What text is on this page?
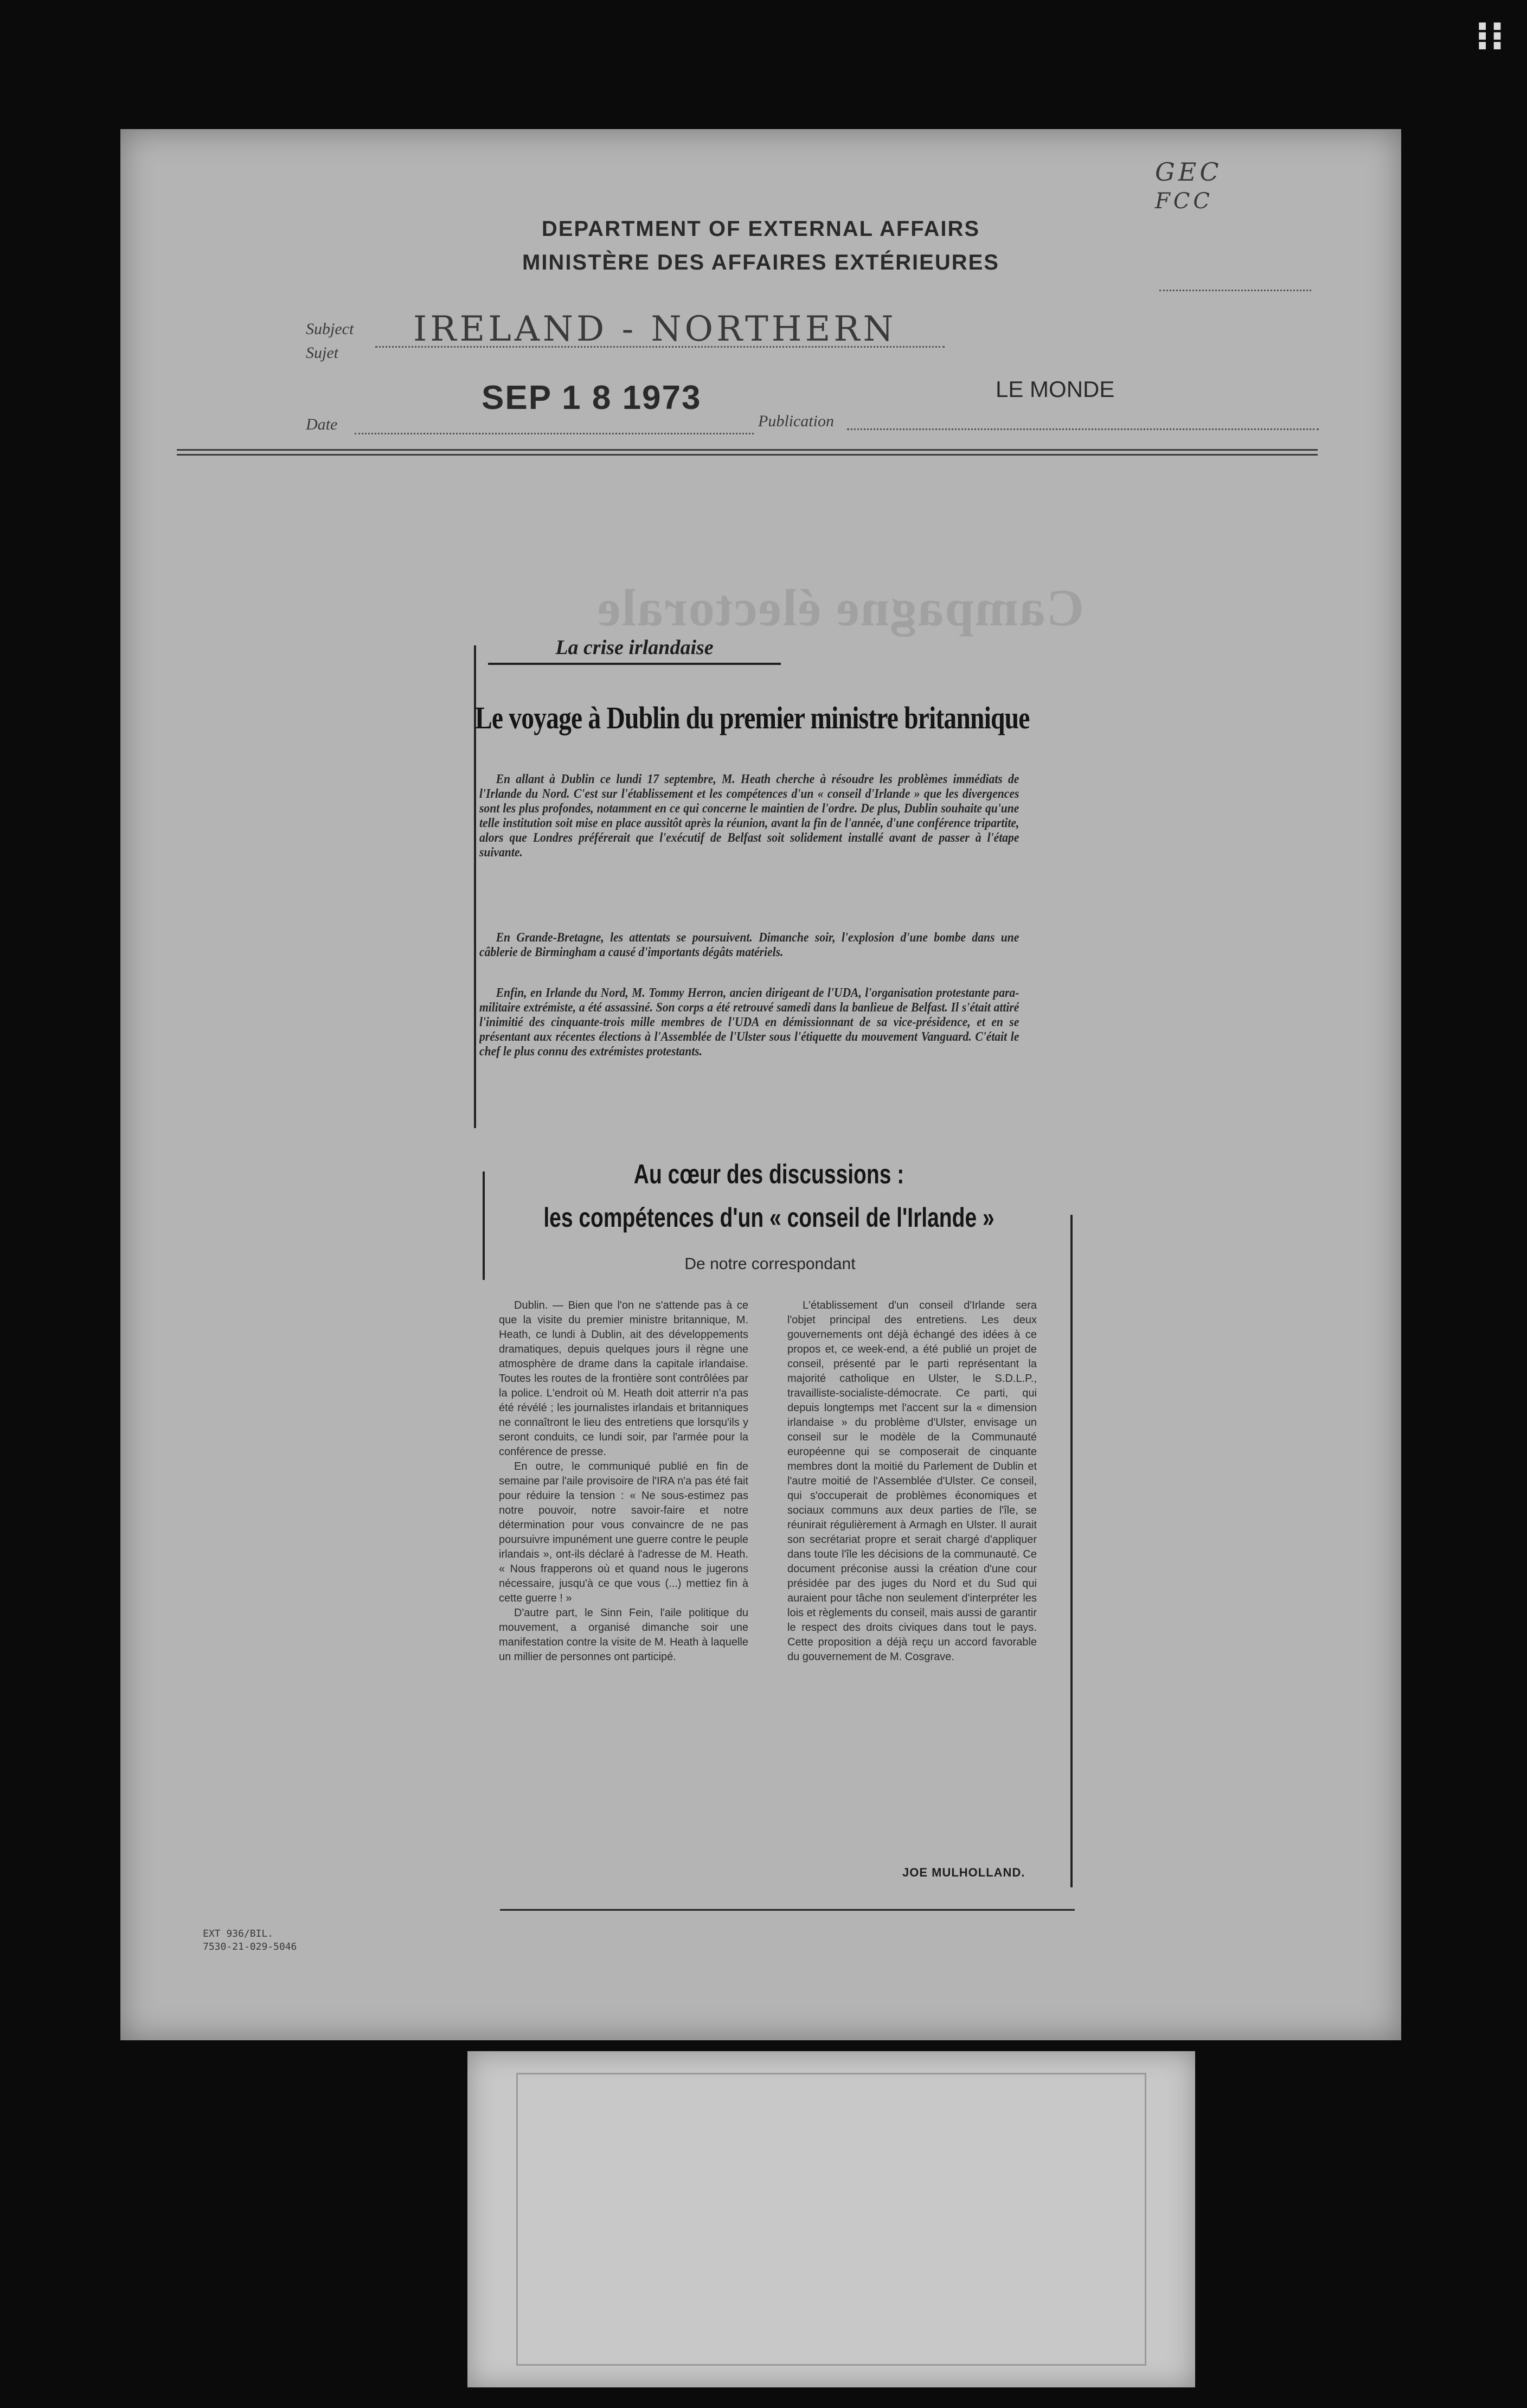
DEPARTMENT OF EXTERNAL AFFAIRS
MINISTÈRE DES AFFAIRES EXTÉRIEURES
GEC
FCC
Subject
Sujet
IRELAND - NORTHERN
Date
SEP 1 8 1973
Publication
LE MONDE
EXT 936/BIL.
7530-21-029-5046
Campagne électorale
La crise irlandaise
Le voyage à Dublin du premier ministre britannique
En allant à Dublin ce lundi 17 septembre, M. Heath cherche à résoudre les problèmes immédiats de l'Irlande du Nord. C'est sur l'établissement et les compétences d'un « conseil d'Irlande » que les divergences sont les plus profondes, notamment en ce qui concerne le maintien de l'ordre. De plus, Dublin souhaite qu'une telle institution soit mise en place aussitôt après la réunion, avant la fin de l'année, d'une conférence tripartite, alors que Londres préférerait que l'exécutif de Belfast soit solidement installé avant de passer à l'étape suivante.
En Grande-Bretagne, les attentats se poursuivent. Dimanche soir, l'explosion d'une bombe dans une câblerie de Birmingham a causé d'importants dégâts matériels.
Enfin, en Irlande du Nord, M. Tommy Herron, ancien dirigeant de l'UDA, l'organisation protestante para-militaire extrémiste, a été assassiné. Son corps a été retrouvé samedi dans la banlieue de Belfast. Il s'était attiré l'inimitié des cinquante-trois mille membres de l'UDA en démissionnant de sa vice-présidence, et en se présentant aux récentes élections à l'Assemblée de l'Ulster sous l'étiquette du mouvement Vanguard. C'était le chef le plus connu des extrémistes protestants.
Au cœur des discussions :
les compétences d'un « conseil de l'Irlande »
De notre correspondant

Dublin. — Bien que l'on ne s'attende pas à ce que la visite du premier ministre britannique, M. Heath, ce lundi à Dublin, ait des développements dramatiques, depuis quelques jours il règne une atmosphère de drame dans la capitale irlandaise. Toutes les routes de la frontière sont contrôlées par la police. L'endroit où M. Heath doit atterrir n'a pas été révélé ; les journalistes irlandais et britanniques ne connaîtront le lieu des entretiens que lorsqu'ils y seront conduits, ce lundi soir, par l'armée pour la conférence de presse.

En outre, le communiqué publié en fin de semaine par l'aile provisoire de l'IRA n'a pas été fait pour réduire la tension : « Ne sous-estimez pas notre pouvoir, notre savoir-faire et notre détermination pour vous convaincre de ne pas poursuivre impunément une guerre contre le peuple irlandais », ont-ils déclaré à l'adresse de M. Heath. « Nous frapperons où et quand nous le jugerons nécessaire, jusqu'à ce que vous (...) mettiez fin à cette guerre ! »

D'autre part, le Sinn Fein, l'aile politique du mouvement, a organisé dimanche soir une manifestation contre la visite de M. Heath à laquelle un millier de personnes ont participé.

L'établissement d'un conseil d'Irlande sera l'objet principal des entretiens. Les deux gouvernements ont déjà échangé des idées à ce propos et, ce week-end, a été publié un projet de conseil, présenté par le parti représentant la majorité catholique en Ulster, le S.D.L.P., travailliste-socialiste-démocrate. Ce parti, qui depuis longtemps met l'accent sur la « dimension irlandaise » du problème d'Ulster, envisage un conseil sur le modèle de la Communauté européenne qui se composerait de cinquante membres dont la moitié du Parlement de Dublin et l'autre moitié de l'Assemblée d'Ulster. Ce conseil, qui s'occuperait de problèmes économiques et sociaux communs aux deux parties de l'île, se réunirait régulièrement à Armagh en Ulster. Il aurait son secrétariat propre et serait chargé d'appliquer dans toute l'île les décisions de la communauté. Ce document préconise aussi la création d'une cour présidée par des juges du Nord et du Sud qui auraient pour tâche non seulement d'interpréter les lois et règlements du conseil, mais aussi de garantir le respect des droits civiques dans tout le pays. Cette proposition a déjà reçu un accord favorable du gouvernement de M. Cosgrave.

JOE MULHOLLAND.
⁝⁝
